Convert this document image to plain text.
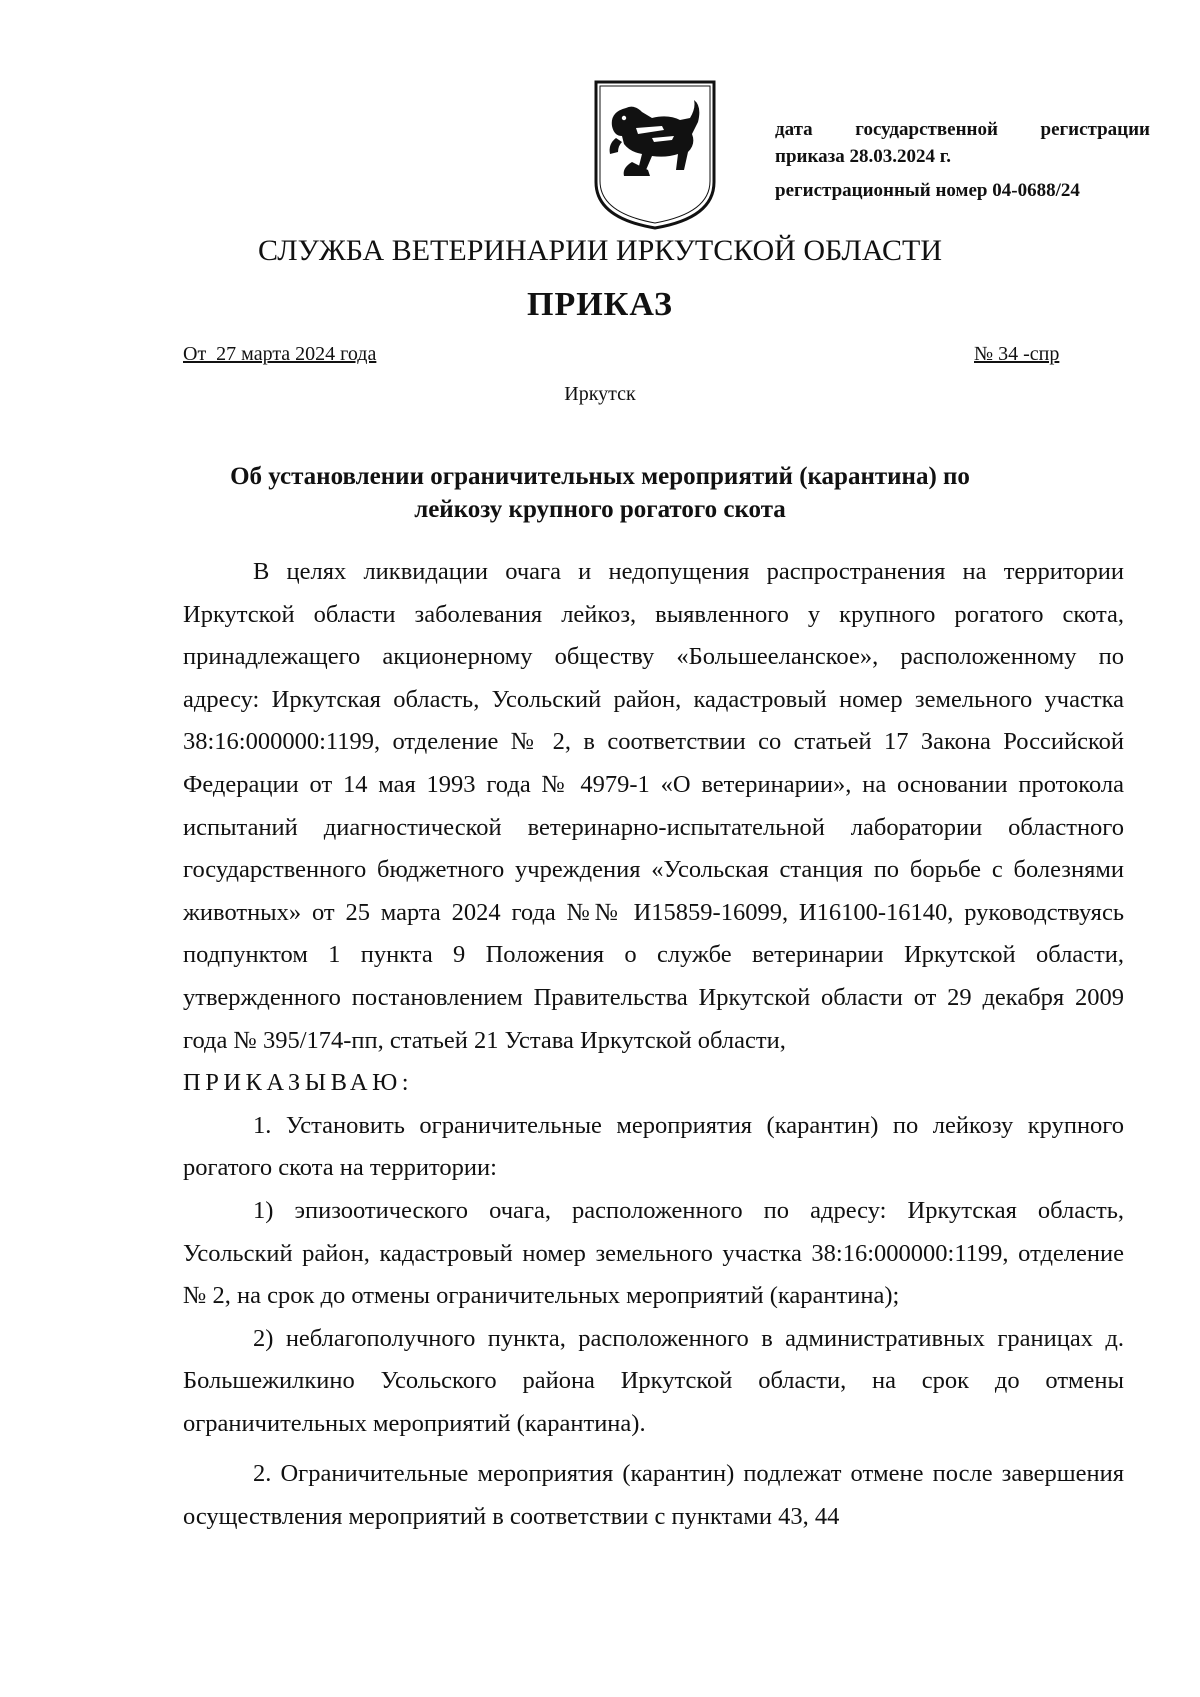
дата государственной регистрации
приказа 28.03.2024 г.
регистрационный номер 04-0688/24
СЛУЖБА ВЕТЕРИНАРИИ ИРКУТСКОЙ ОБЛАСТИ
ПРИКАЗ
От  27 марта 2024 года	№ 34 -спр
Иркутск
Об установлении ограничительных мероприятий (карантина) по
лейкозу крупного рогатого скота

В целях ликвидации очага и недопущения распространения на территории Иркутской области заболевания лейкоз, выявленного у крупного рогатого скота, принадлежащего акционерному обществу «Большееланское», расположенному по адресу: Иркутская область, Усольский район, кадастровый номер земельного участка 38:16:000000:1199, отделение № 2, в соответствии со статьей 17 Закона Российской Федерации от 14 мая 1993 года № 4979-1 «О ветеринарии», на основании протокола испытаний диагностической ветеринарно-испытательной лаборатории областного государственного бюджетного учреждения «Усольская станция по борьбе с болезнями животных» от 25 марта 2024 года №№ И15859-16099, И16100-16140, руководствуясь подпунктом 1 пункта 9 Положения о службе ветеринарии Иркутской области, утвержденного постановлением Правительства Иркутской области от 29 декабря 2009 года № 395/174-пп, статьей 21 Устава Иркутской области,

ПРИКАЗЫВАЮ:

1. Установить ограничительные мероприятия (карантин) по лейкозу крупного рогатого скота на территории:

1) эпизоотического очага, расположенного по адресу: Иркутская область, Усольский район, кадастровый номер земельного участка 38:16:000000:1199, отделение № 2, на срок до отмены ограничительных мероприятий (карантина);

2) неблагополучного пункта, расположенного в административных границах д. Большежилкино Усольского района Иркутской области, на срок до отмены ограничительных мероприятий (карантина).

2. Ограничительные мероприятия (карантин) подлежат отмене после завершения осуществления мероприятий в соответствии с пунктами 43, 44
